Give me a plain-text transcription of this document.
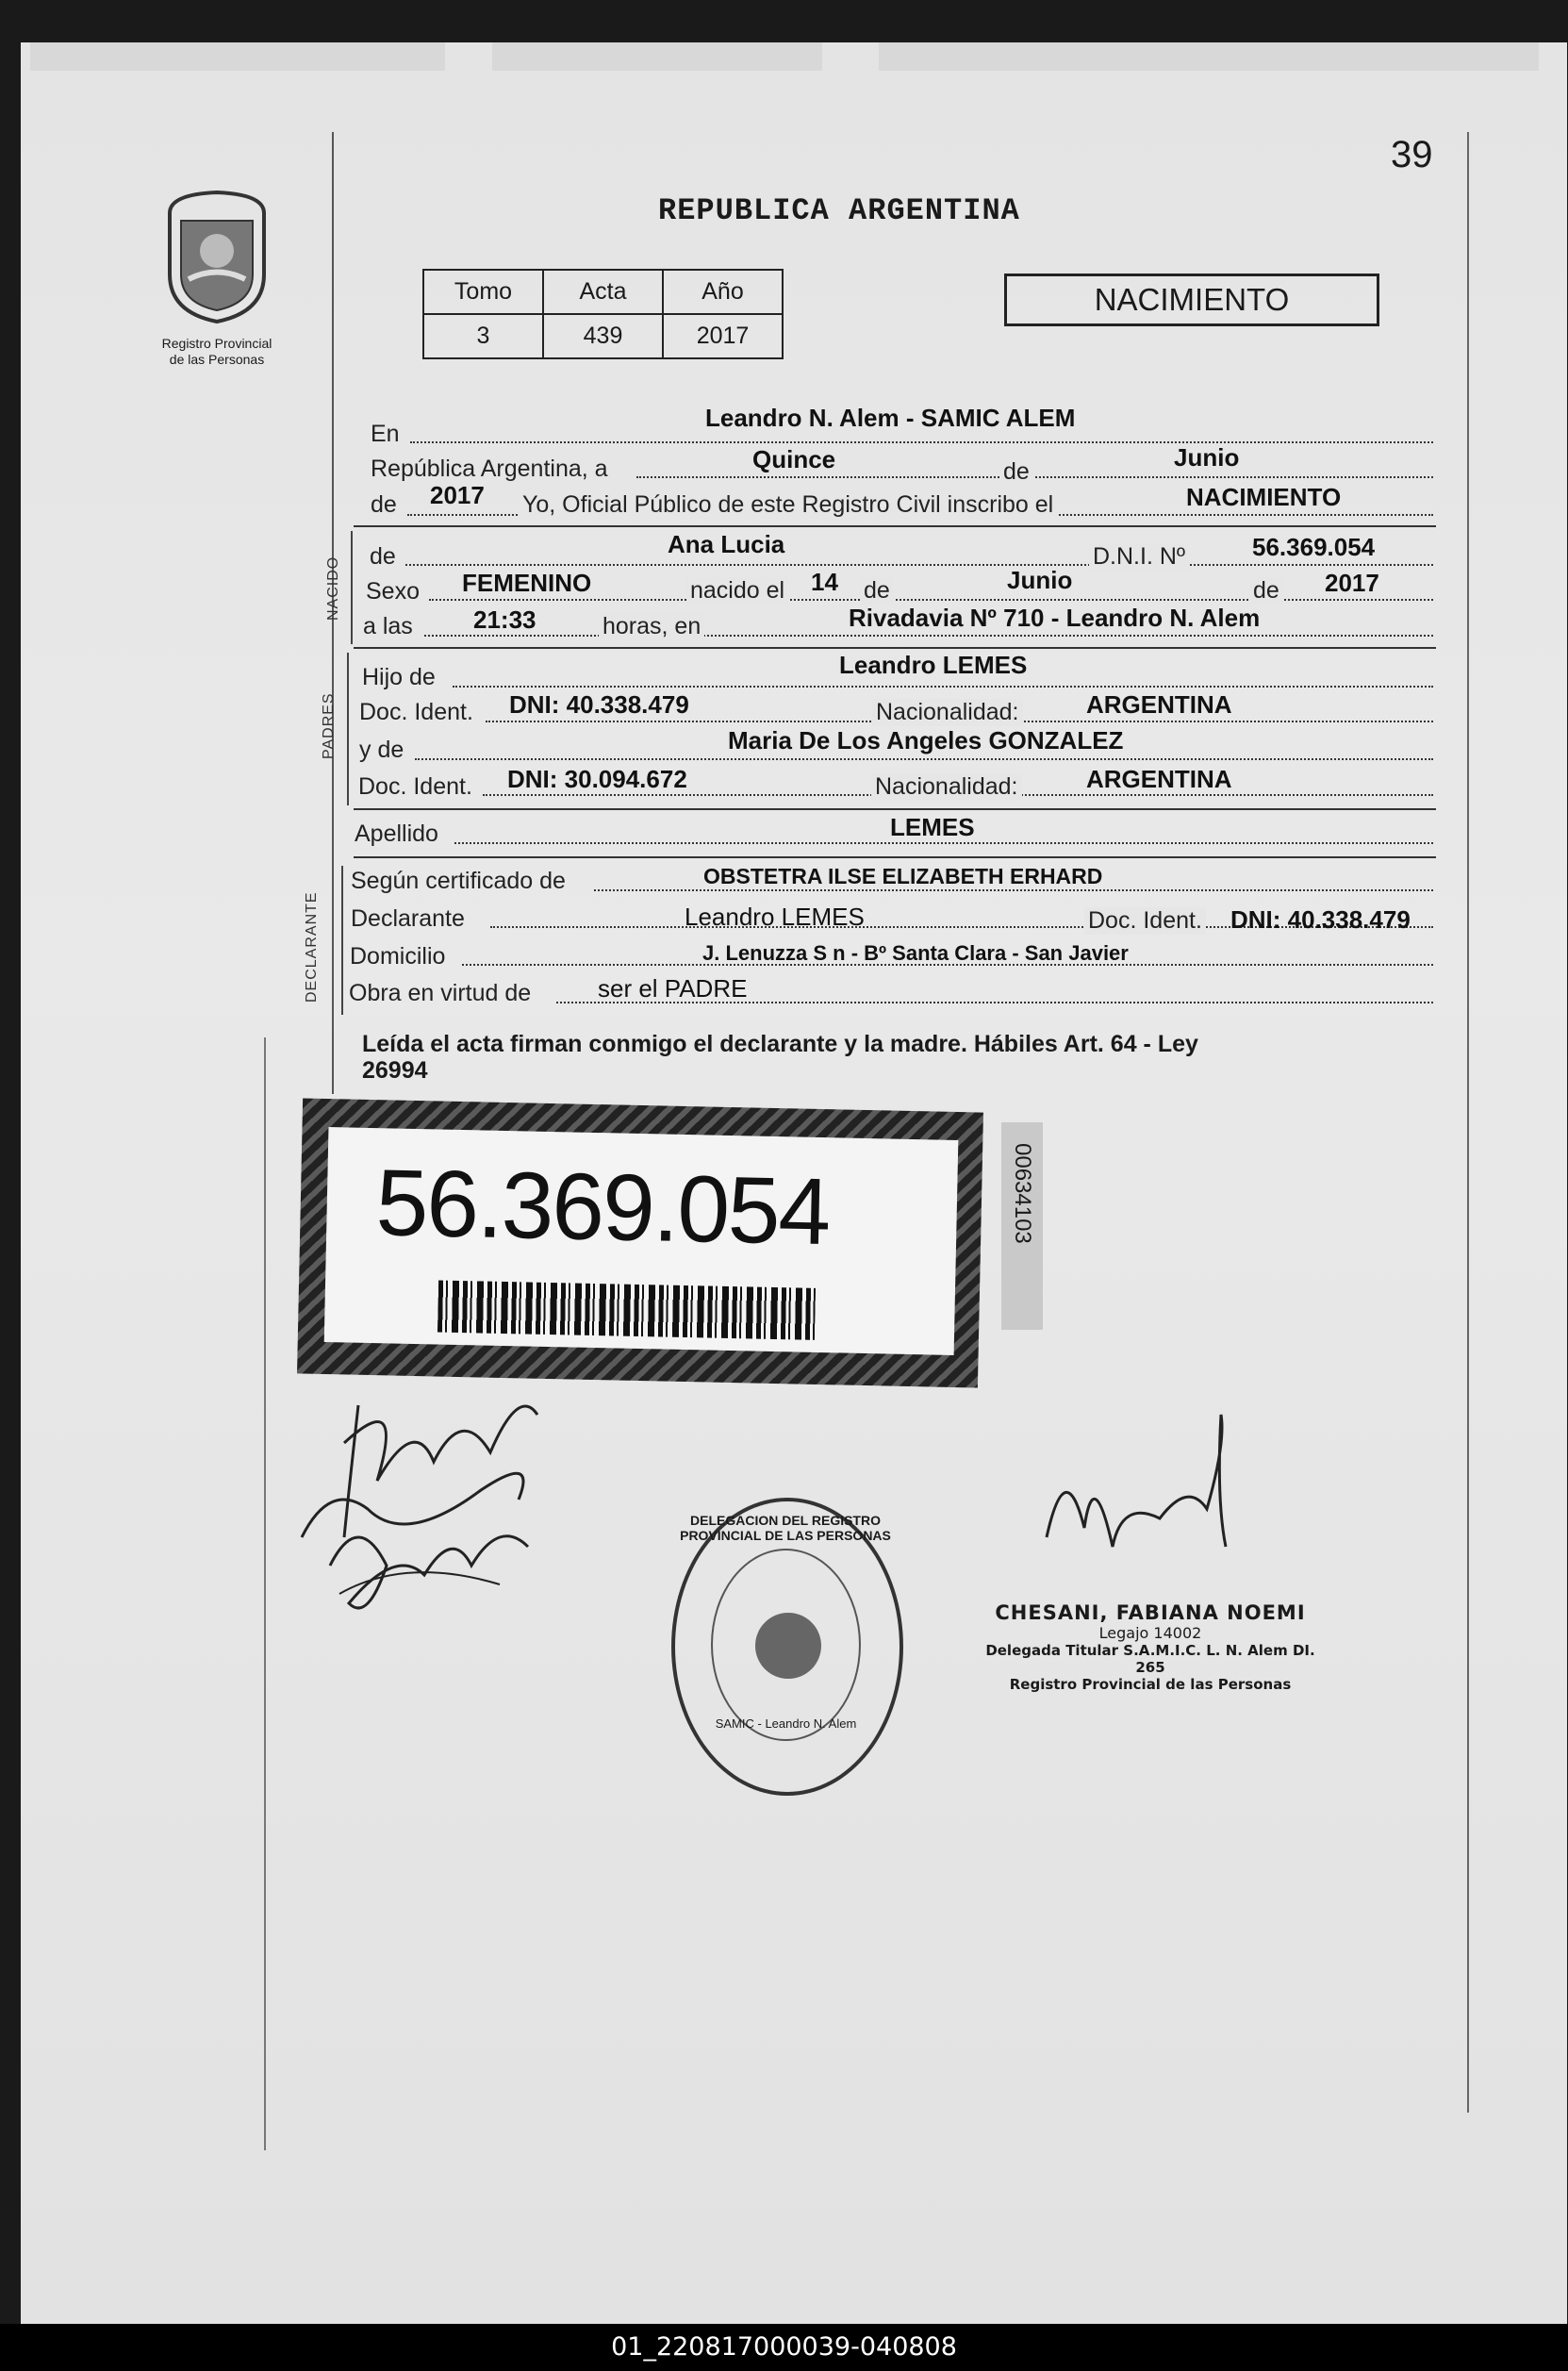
39
Registro Provincial
de las Personas
REPUBLICA ARGENTINA
Tomo	Acta	Año
3	439	2017
NACIMIENTO
En
Leandro N. Alem - SAMIC ALEM
República Argentina, a	Quince	de	Junio
de 2017 Yo, Oficial Público de este Registro Civil inscribo el	NACIMIENTO
NACIDO de	Ana Lucia	D.N.I. Nº	56.369.054
Sexo FEMENINO	nacido el 14 de	Junio	de 2017
a las 21:33	horas, en	Rivadavia Nº 710 - Leandro N. Alem
PADRES
Hijo de	Leandro LEMES
Doc. Ident. DNI: 40.338.479	Nacionalidad:	ARGENTINA
y de	Maria De Los Angeles GONZALEZ
Doc. Ident. DNI: 30.094.672	Nacionalidad:	ARGENTINA
Apellido	LEMES
DECLARANTE
Según certificado de	OBSTETRA ILSE ELIZABETH ERHARD
Declarante	Leandro LEMES	Doc. Ident. DNI: 40.338.479
Domicilio	J. Lenuzza S n - Bº Santa Clara - San Javier
Obra en virtud de	ser el PADRE
Leída el acta firman conmigo el declarante y la madre. Hábiles Art. 64 - Ley
26994
56.369.054	00634103
DELEGACION DEL REGISTRO PROVINCIAL DE LAS PERSONAS
SAMIC - Leandro N. Alem
CHESANI, FABIANA NOEMI
Legajo 14002
Delegada Titular S.A.M.I.C. L. N. Alem DI. 265
Registro Provincial de las Personas
01_220817000039-040808
